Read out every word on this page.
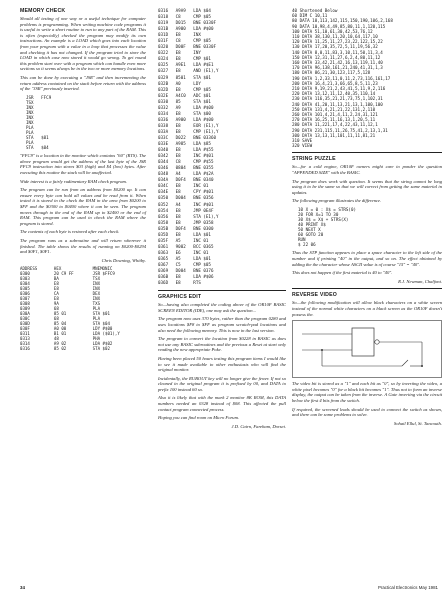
MEMORY CHECK
Should all testing of one way or a useful technique for computer problems is programming. When writing machine code programs it is useful to write a short routine to run to any part of the RAM. This is often (especially) checked the program may modify its own instructions. An example is a LOAD which goes into each location from your program with a value in a loop that processes the value and checking it has not changed. If the program tried to store the LOAD in which case now stored it would go wrong. To get round this problem start over with a program which can handle even more sections so it seems always be in the two or more memory locations.
This can be done by executing a "JSR" and then incrementing the return address contained on the stack before return with the address of the "JSR" previously inserted.
JSR   FFC9
TSX
INX
INX
INX
INX
PLA
PLA
STA   $01
PLA
STA   $04
"FFC9" is a location in the monitor which contains "60" (RTS). The above program would get the address of the last byte of the JSR FFC9 instruction into stores $03 (high) and $4 (low) bytes. After executing this routine the stack will be unaffected.
Wide interest is a fairly rudimentary RAM check program.
The program can be run from an address from $0200 up. It can ensure every byte can hold all values and be read from it. When tested it is stored in the check the RAM in the area from $0200 to $FF and the $0300 to $0400 where it can be seen. The program moves through to the end of the RAM up to $2400 or the end of RAM. This program can be used to check the RAM where the program is stored.
The contents of each byte is restored after each check.
The program runs as a subroutine and will return wherever it finished. The table shows the results of running on $0200-$0294 and $0F1, $0F1.
Chris Downing, Whitby.
ADDRESS		HEX	MNEMONIC
0300		20 C9 FF	JSR $FFC9
0303		BA	TSX
0304		E8	INX
0305		E8	INX
0306		CA	DEX
0307		E8	INX
0308		9A	TXS
0309		68	PLA
030A		85 01	STA $01
030C		68	PLA
030D		85 04	STA $04
030F		A0 00	LDY #$00
0311		B1 01	LDA ($01),Y
0313		48	PHA
0314		A9 02	LDA #$02
0316		85 02	STA $02
0316   A9A9   LDA $04
0318   C8     CMP $05
0319   D015   BNE 0330F
031B   A900   LDA #$00
031D   E8     INX
031F   C8     CMP $05
0320   D00F   BNE 0330F
0322   E8     INY
0324   E8     CMP $01
0325   A9E1   LDA #$E1
0327   E8     AND (E1),Y
0329   8501   STA $01
032B   A0     LDY
032D   E8     CMP $05
032E   A4C0   ADC $01
0330   85     STA $01
0332   A9     LDA #$00
0334   E8     STA $00
0336   A900   LDA #$00
0338   E8     EOR (E1),Y
033A   E8     CMP (E1),Y
033C   D022   BNE 03360
033E   A985   LDA $85
0340   E8     LDA #$55
0342   E8     INC #$01
0344   C8     CMP #$55
0346   0804   BNE 0355
0348   A4     LDA #$2A
034A   D0F4   BNE 0340
034C   E8     INC 01
034E   E8     CPY #$01
0350   D004   BNE 0356
0352   A4     INC #$01
0354   E8     JMP 0E4F
0356   E8     STA (E1),Y
0358   E8     JMP 0358
035B   D0F4   BNE 0300
035D   E8     LDA $01
035F   A5     INC 01
0361   9002   BCC 0365
0363   E6     INC 01
0365   A5     LDA $01
0367   C5     CMP $05
0369   D004   BNE 0376
036B   E8     LDA #$06
036D   E8     RTS
GRAPHICS EDIT
So—having also completed the coding above of the OR10F BASIC SCREEN EDITOR (IDE), one may ask the question...
The program now uses 370 bytes, rather than the program 0280 and uses locations $F8 to $FF as program scratch-pad locations and also need the following memory. This is now in the last version.
The program to convert the location from $0228 in BASIC as does not use any BASIC subroutines and the previous a Reset at start only reading the new appropriate Poke.
Having been placed 50 hours testing this program items I would like to see it made available to other enthusiasts who will find the original monitor.
Incidentally, the RUBOUT key will no longer give the fewer. If not so cleaned in the original program it is prefixed by 00, and DATA to prefix 100 instead 60 so.
Also it is likely that with the mark 2 monitor 8K ROM, this DATA numbers needed an 0328 instead of $08. This affected the pull contact program connected process.
Hoping you can find room on Micro Forum.
J.D. Cairn, Fareham, Dorset.
40 Shortened Below
60 DIM C 10,11
80 DATA 18,113,142,115,150,190,106,2,168
90 DATA 10,98,4,49,85,80,11,1,120,115
100 DATA 51,10,61,30,42,53,76,12
110 DATA 38,130,11,20,10,64,117,10
120 DATA 11,25,11,27,23,22,122,15,22
130 DATA 17,20,35,72,5,11,19,56,32
140 DATA 8,0,11,83,3,10,11,50,11,3,4
150 DATA 12,31,11,27,6,2,4,80,11,12
160 DATA 33,42,21,42,16,13,119,11,40
170 DATA 96,138,161,21,240,41,31,1,3
180 DATA 86,21,30,123,117,5,128
190 DATA 1,2,33,11,0,11,2,73,116,161,17
200 DATA 16,4,21,3,66,65,8,5,11,23
210 DATA 9,19,21,2,43,41,5,11,9,2,116
220 DATA 13,12,11,12,40,35,110,14
230 DATA 116,35,21,21,73,75,1,102,31
240 DATA 41,20,11,13,21,13,1,100,100
250 DATA 131,4,21,21,22,131,2,110
260 DATA 101,4,21,4,11,2,24,31,121
270 DATA 16,25,11,16,13,1,20,5,11
280 DATA 11,221,17,4,22,43,11,12,1
290 DATA 231,115,11,26,75,41,2,13,1,31
300 DATA 13,13,11,101,11,11,81,21
310 SAVE
320 VIEW
STRING PUZZLE
So—for a cold engine, OR10F owners might care to ponder the question "APPENDED SIZE" with the BASIC.
The program does work with question. It seems that the string cannot be long using it to be the same so that we will correct from getting the same material in updates.
The following program illustrates the difference.
10 X = 0 : X$ = STRS(0)
20 FOR X=1 TO 30
30 X$ = X$ + STRS(X)
40 PRINT X$
50 NEXT X
60 GOTO 20
RUN
$ 22 06
Thus the STP function appears to place a space character to the left side of the number and if printing "40" in the output, and so on. The effect obtained by adding the the character whose ASCII value is of course "15" = "40".
This does not happen if the first material is 40 to "40".
R.J. Newman, Chalfont.
REVERSE VIDEO
So—the following modification will allow black characters on a white screen instead of the normal white characters on a black screen as the OR10F doesn't possess the.
The video bit is stored as a "1" and each bit as "0", so by inverting the video, a white pixel becomes "0" for a black bit becomes "1". Thus not to form an inverse display, the output can be taken from the inverse. A Gate inverting via the circuit below the first 4 bits from the switch.
If required, the screened leads should be used to connect the switch as shown, and there can be some problems to solve.
Sohail Ellul, St. Tancouth.
34	Practical Electronics May 1981
